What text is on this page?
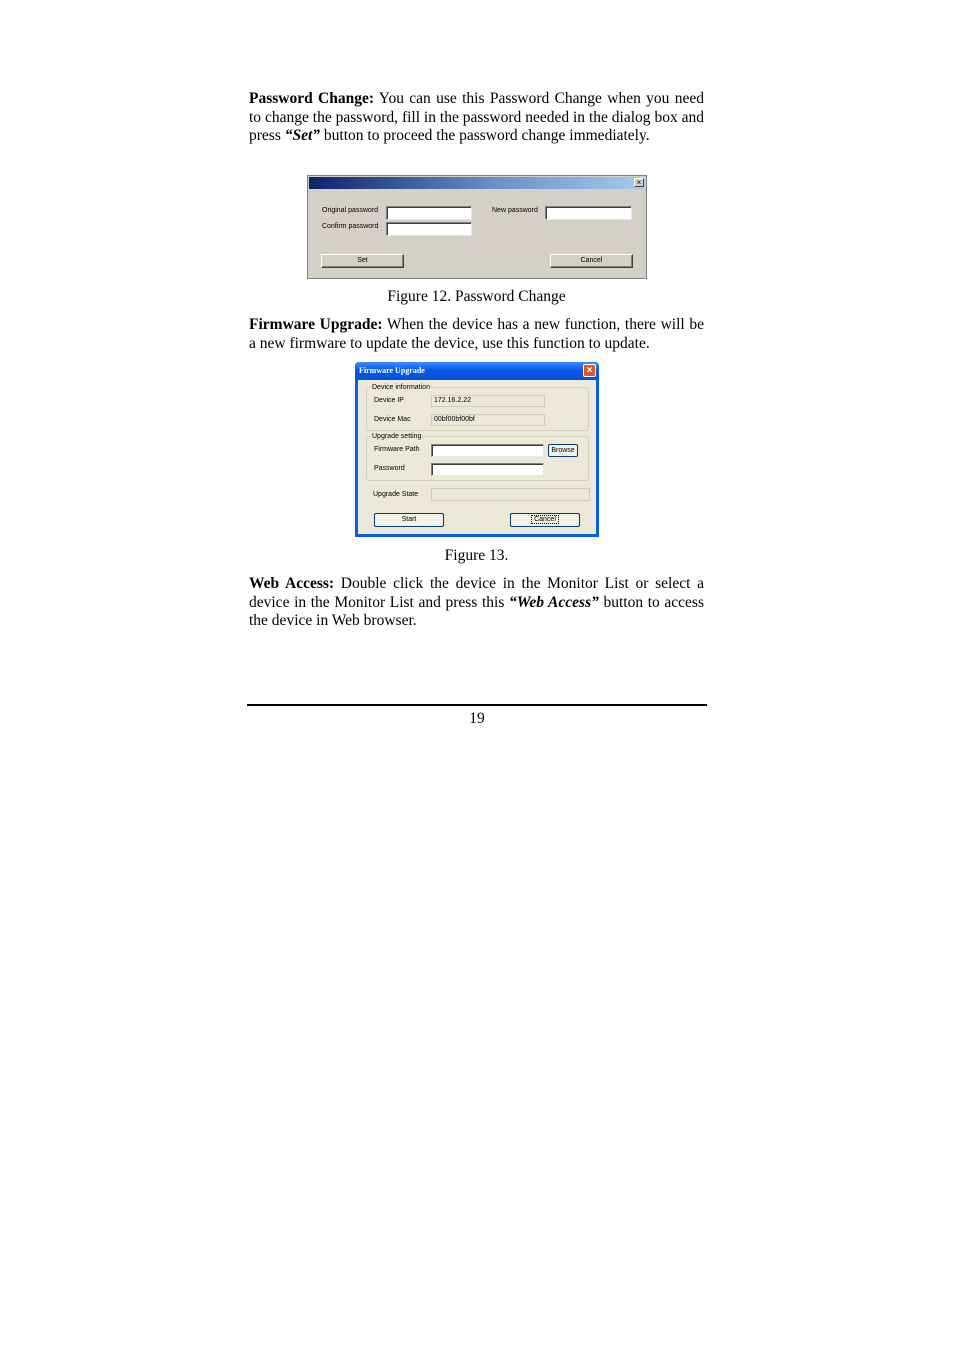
Password Change: You can use this Password Change when you need to change the password, fill in the password needed in the dialog box and press “Set” button to proceed the password change immediately.

×
Original password
Confirm password
New password
Set	Cancel
Figure 12. Password Change

Firmware Upgrade: When the device has a new function, there will be a new firmware to update the device, use this function to update.

Firmware Upgrade	×
Device information
Device IP	172.16.2.22
Device Mac	00bf00bf00bf
Upgrade setting
Firmware Path	Browse
Password
Upgrade State
Start	Cancel
Figure 13.

Web Access: Double click the device in the Monitor List or select a device in the Monitor List and press this “Web Access” button to access the device in Web browser.

19
